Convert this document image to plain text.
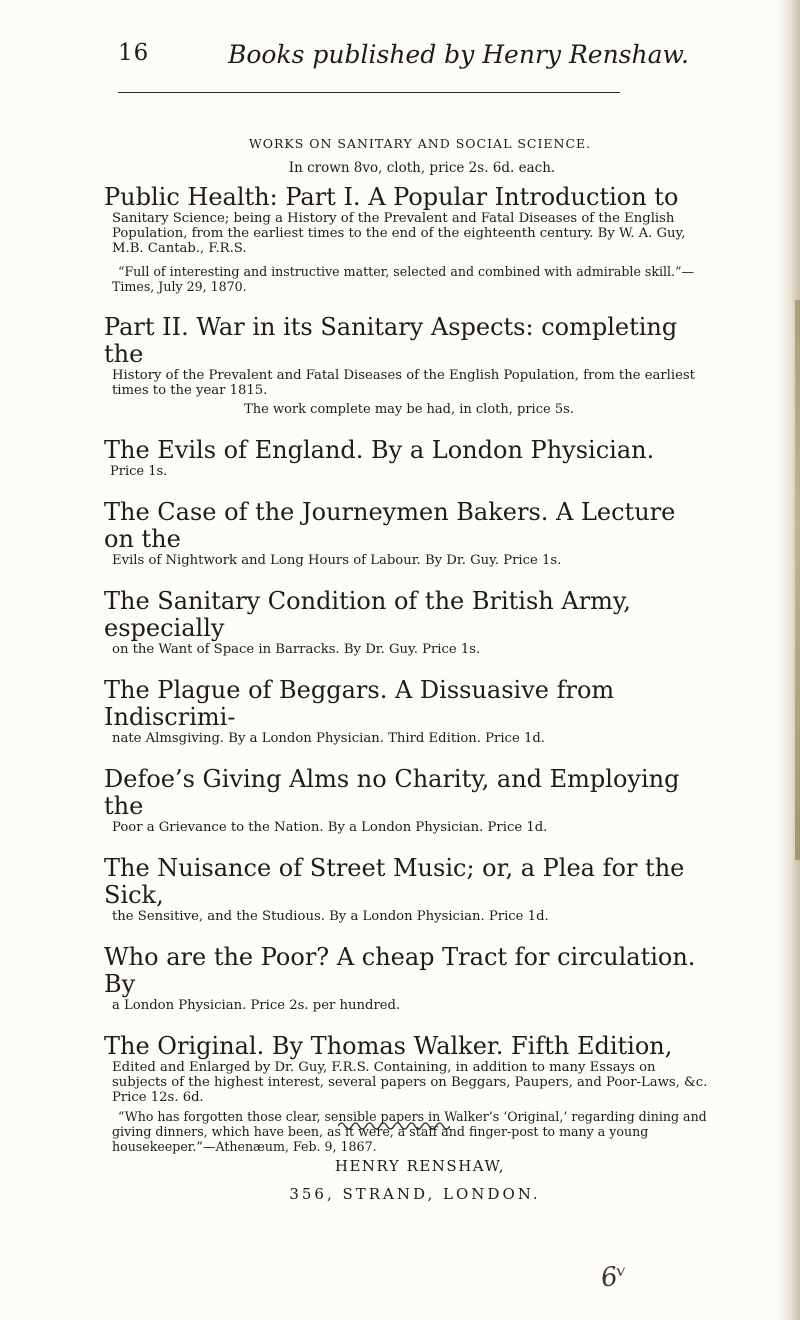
16	Books published by Henry Renshaw.
WORKS ON SANITARY AND SOCIAL SCIENCE.
In crown 8vo, cloth, price 2s. 6d. each.

Public Health: Part I. A Popular Introduction to

Sanitary Science; being a History of the Prevalent and Fatal Diseases of the English Population, from the earliest times to the end of the eighteenth century. By W. A. Guy, M.B. Cantab., F.R.S.

“Full of interesting and instructive matter, selected and combined with admirable skill.”—Times, July 29, 1870.

Part II. War in its Sanitary Aspects: completing the

History of the Prevalent and Fatal Diseases of the English Population, from the earliest times to the year 1815.

The work complete may be had, in cloth, price 5s.

The Evils of England. By a London Physician.

Price 1s.

The Case of the Journeymen Bakers. A Lecture on the

Evils of Nightwork and Long Hours of Labour. By Dr. Guy. Price 1s.

The Sanitary Condition of the British Army, especially

on the Want of Space in Barracks. By Dr. Guy. Price 1s.

The Plague of Beggars. A Dissuasive from Indiscrimi-

nate Almsgiving. By a London Physician. Third Edition. Price 1d.

Defoe’s Giving Alms no Charity, and Employing the

Poor a Grievance to the Nation. By a London Physician. Price 1d.

The Nuisance of Street Music; or, a Plea for the Sick,

the Sensitive, and the Studious. By a London Physician. Price 1d.

Who are the Poor? A cheap Tract for circulation. By

a London Physician. Price 2s. per hundred.

The Original. By Thomas Walker. Fifth Edition,

Edited and Enlarged by Dr. Guy, F.R.S. Containing, in addition to many Essays on subjects of the highest interest, several papers on Beggars, Paupers, and Poor-Laws, &c. Price 12s. 6d.

“Who has forgotten those clear, sensible papers in Walker’s ‘Original,’ regarding dining and giving dinners, which have been, as it were, a staff and finger-post to many a young housekeeper.”—Athenæum, Feb. 9, 1867.

HENRY RENSHAW,
356, STRAND, LONDON.
6ᵛ
